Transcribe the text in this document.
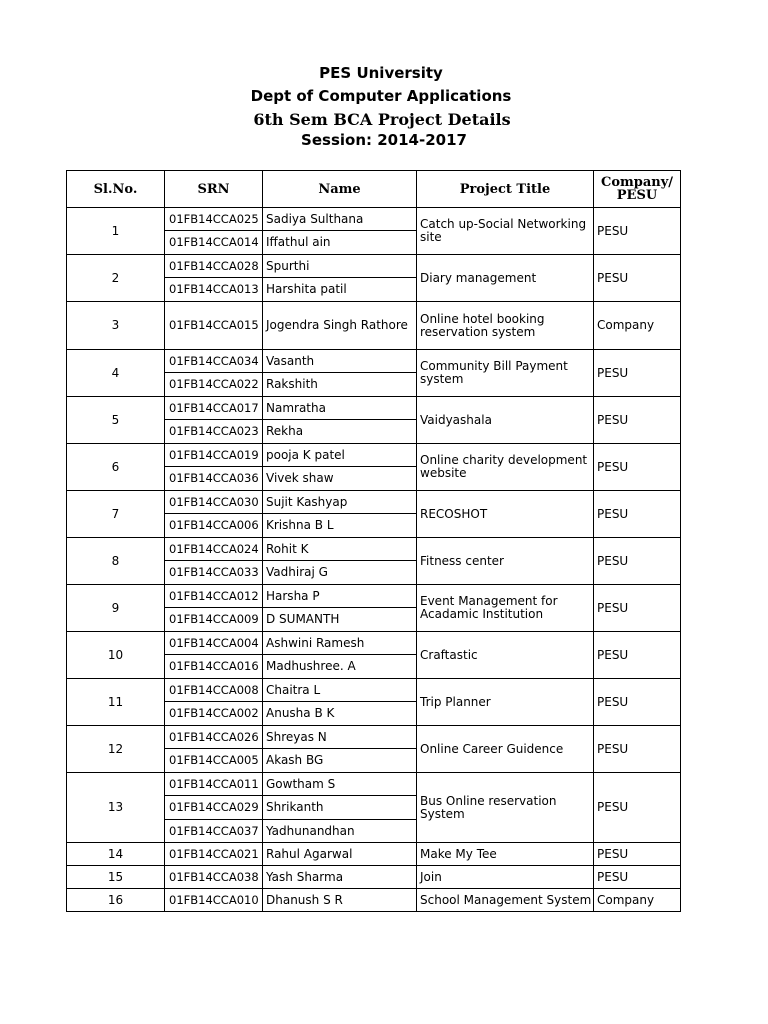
PES University
Dept of Computer Applications
6th Sem BCA Project Details
Session: 2014-2017
Sl.No.	SRN	Name	Project Title	Company/ PESU
1	01FB14CCA025	Sadiya Sulthana	Catch up-Social Networking site	PESU
	01FB14CCA014	Iffathul ain		
2	01FB14CCA028	Spurthi	Diary management	PESU
	01FB14CCA013	Harshita patil		
3	01FB14CCA015	Jogendra Singh Rathore	Online hotel booking reservation system	Company
4	01FB14CCA034	Vasanth	Community Bill Payment system	PESU
	01FB14CCA022	Rakshith		
5	01FB14CCA017	Namratha	Vaidyashala	PESU
	01FB14CCA023	Rekha		
6	01FB14CCA019	pooja K patel	Online charity development website	PESU
	01FB14CCA036	Vivek shaw		
7	01FB14CCA030	Sujit Kashyap	RECOSHOT	PESU
	01FB14CCA006	Krishna B L		
8	01FB14CCA024	Rohit K	Fitness center	PESU
	01FB14CCA033	Vadhiraj G		
9	01FB14CCA012	Harsha P	Event Management for Acadamic Institution	PESU
	01FB14CCA009	D SUMANTH		
10	01FB14CCA004	Ashwini Ramesh	Craftastic	PESU
	01FB14CCA016	Madhushree. A		
11	01FB14CCA008	Chaitra L	Trip Planner	PESU
	01FB14CCA002	Anusha B K		
12	01FB14CCA026	Shreyas N	Online Career Guidence	PESU
	01FB14CCA005	Akash BG		
13	01FB14CCA011	Gowtham S	Bus Online reservation System	PESU
	01FB14CCA029	Shrikanth		
	01FB14CCA037	Yadhunandhan		
14	01FB14CCA021	Rahul Agarwal	Make My Tee	PESU
15	01FB14CCA038	Yash Sharma	Join	PESU
16	01FB14CCA010	Dhanush S R	School Management System	Company
